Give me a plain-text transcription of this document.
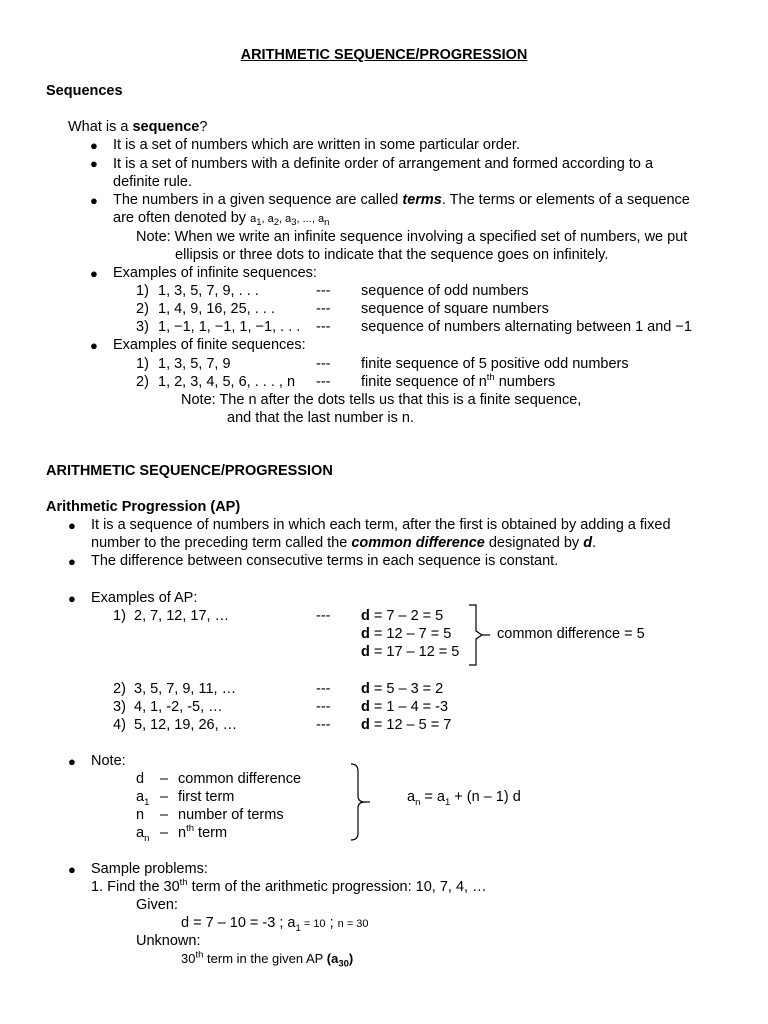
ARITHMETIC SEQUENCE/PROGRESSION
Sequences
What is a sequence?
● It is a set of numbers which are written in some particular order.
● It is a set of numbers with a definite order of arrangement and formed according to a
definite rule.
● The numbers in a given sequence are called terms. The terms or elements of a sequence
are often denoted by $a_1$, $a_2$, $a_3$, ..., $a_n$
Note: When we write an infinite sequence involving a specified set of numbers, we put
ellipsis or three dots to indicate that the sequence goes on infinitely.
● Examples of infinite sequences:
1) 1, 3, 5, 7, 9, . . .	--- sequence of odd numbers
2) 1, 4, 9, 16, 25, . . .	--- sequence of square numbers
3) 1, −1, 1, −1, 1, −1, . . . --- sequence of numbers alternating between 1 and −1
● Examples of finite sequences:
1) 1, 3, 5, 7, 9	--- finite sequence of 5 positive odd numbers
2) 1, 2, 3, 4, 5, 6, . . . , n --- finite sequence of $n^{th}$ numbers
Note: The n after the dots tells us that this is a finite sequence,
and that the last number is n.
ARITHMETIC SEQUENCE/PROGRESSION
Arithmetic Progression (AP)
● It is a sequence of numbers in which each term, after the first is obtained by adding a fixed
number to the preceding term called the common difference designated by d.
● The difference between consecutive terms in each sequence is constant.
● Examples of AP:
1) 2, 7, 12, 17, …	--- d = 7 – 2 = 5
d = 12 – 7 = 5
d = 17 – 12 = 5
common difference = 5
2) 3, 5, 7, 9, 11, …	--- d = 5 – 3 = 2
3) 4, 1, -2, -5, …	--- d = 1 – 4 = -3
4) 5, 12, 19, 26, …	--- d = 12 – 5 = 7
● Note:
d – common difference
$a_1$ – first term
n – number of terms
$a_n - n^{th}$ term
$a_n = a_1 + (n - 1)$ d
● Sample problems:
1. Find the 30th term of the arithmetic progression: 10, 7, 4, …
Given:
d = 7 – 10 = -3 ; $a_1 = 10$ ; n = 30
Unknown:
30th term in the given AP $(a_{30})$
